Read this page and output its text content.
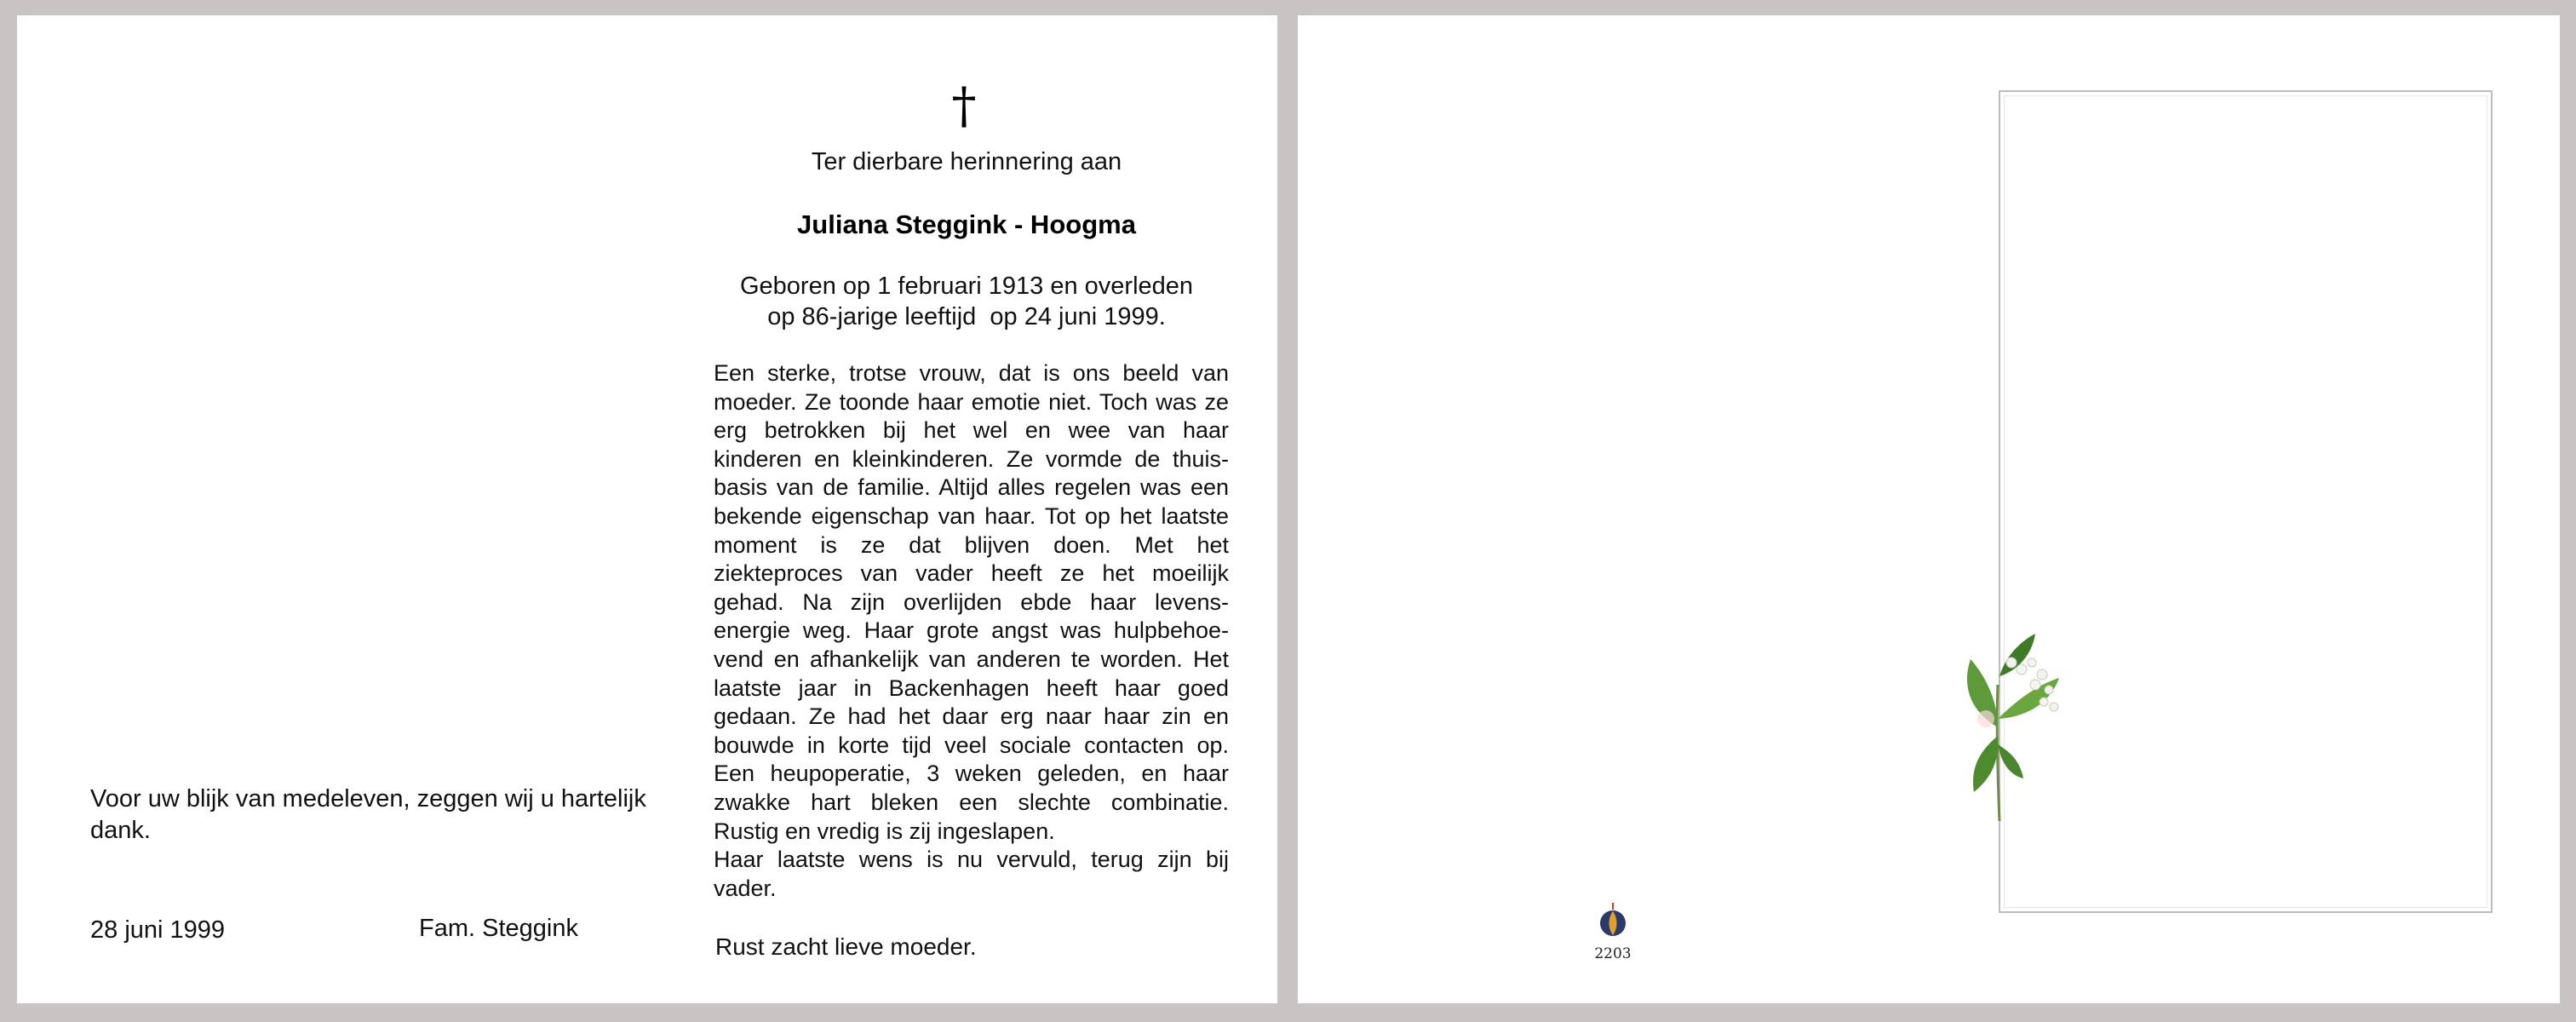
Voor uw blijk van medeleven, zeggen wij u hartelijk dank.
28 juni 1999	Fam. Steggink
†
Ter dierbare herinnering aan
Juliana Steggink - Hoogma
Geboren op 1 februari 1913 en overleden
op 86-jarige leeftijd  op 24 juni 1999.
Een sterke, trotse vrouw, dat is ons beeld van moeder. Ze toonde haar emotie niet. Toch was ze erg betrokken bij het wel en wee van haar kinderen en kleinkinderen. Ze vormde de thuis-basis van de familie. Altijd alles regelen was een bekende eigenschap van haar. Tot op het laatste moment is ze dat blijven doen. Met het ziekteproces van vader heeft ze het moeilijk gehad. Na zijn overlijden ebde haar levens-energie weg. Haar grote angst was hulpbehoe-vend en afhankelijk van anderen te worden. Het laatste jaar in Backenhagen heeft haar goed gedaan. Ze had het daar erg naar haar zin en bouwde in korte tijd veel sociale contacten op. Een heupoperatie, 3 weken geleden, en haar zwakke hart bleken een slechte combinatie. Rustig en vredig is zij ingeslapen.
Haar laatste wens is nu vervuld, terug zijn bij vader.
Rust zacht lieve moeder.	2203
